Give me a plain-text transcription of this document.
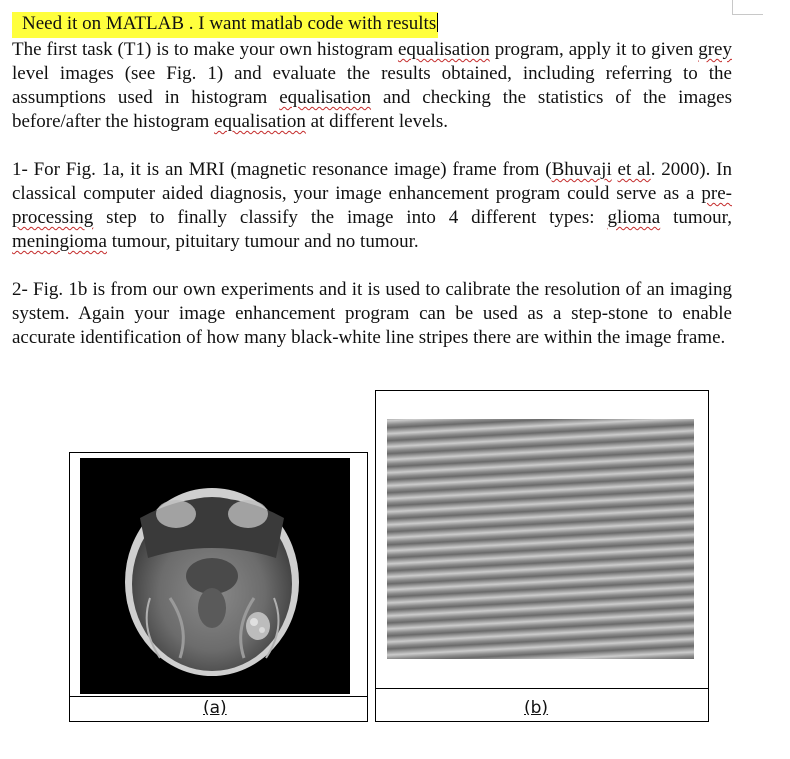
Need it on MATLAB . I want matlab code with results
The first task (T1) is to make your own histogram equalisation program, apply it to given grey level images (see Fig. 1) and evaluate the results obtained, including referring to the assumptions used in histogram equalisation and checking the statistics of the images before/after the histogram equalisation at different levels.
1- For Fig. 1a, it is an MRI (magnetic resonance image) frame from (Bhuvaji et al. 2000). In classical computer aided diagnosis, your image enhancement program could serve as a pre-processing step to finally classify the image into 4 different types: glioma tumour, meningioma tumour, pituitary tumour and no tumour.
2- Fig. 1b is from our own experiments and it is used to calibrate the resolution of an imaging system. Again your image enhancement program can be used as a step-stone to enable accurate identification of how many black-white line stripes there are within the image frame.
(a)	(b)
